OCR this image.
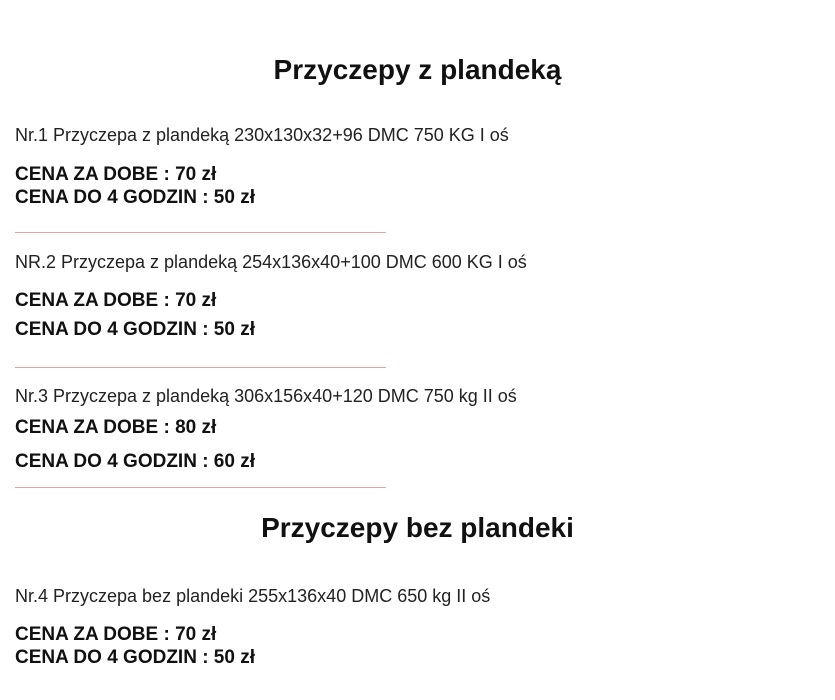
Przyczepy z plandeką

Nr.1 Przyczepa z plandeką 230x130x32+96 DMC 750 KG I oś

CENA ZA DOBE : 70 zł

CENA DO 4 GODZIN : 50 zł

NR.2 Przyczepa z plandeką 254x136x40+100 DMC 600 KG I oś

CENA ZA DOBE : 70 zł

CENA DO 4 GODZIN : 50 zł

Nr.3 Przyczepa z plandeką 306x156x40+120 DMC 750 kg II oś

CENA ZA DOBE : 80 zł

CENA DO 4 GODZIN : 60 zł

Przyczepy bez plandeki

Nr.4 Przyczepa bez plandeki 255x136x40 DMC 650 kg II oś

CENA ZA DOBE : 70 zł

CENA DO 4 GODZIN : 50 zł
